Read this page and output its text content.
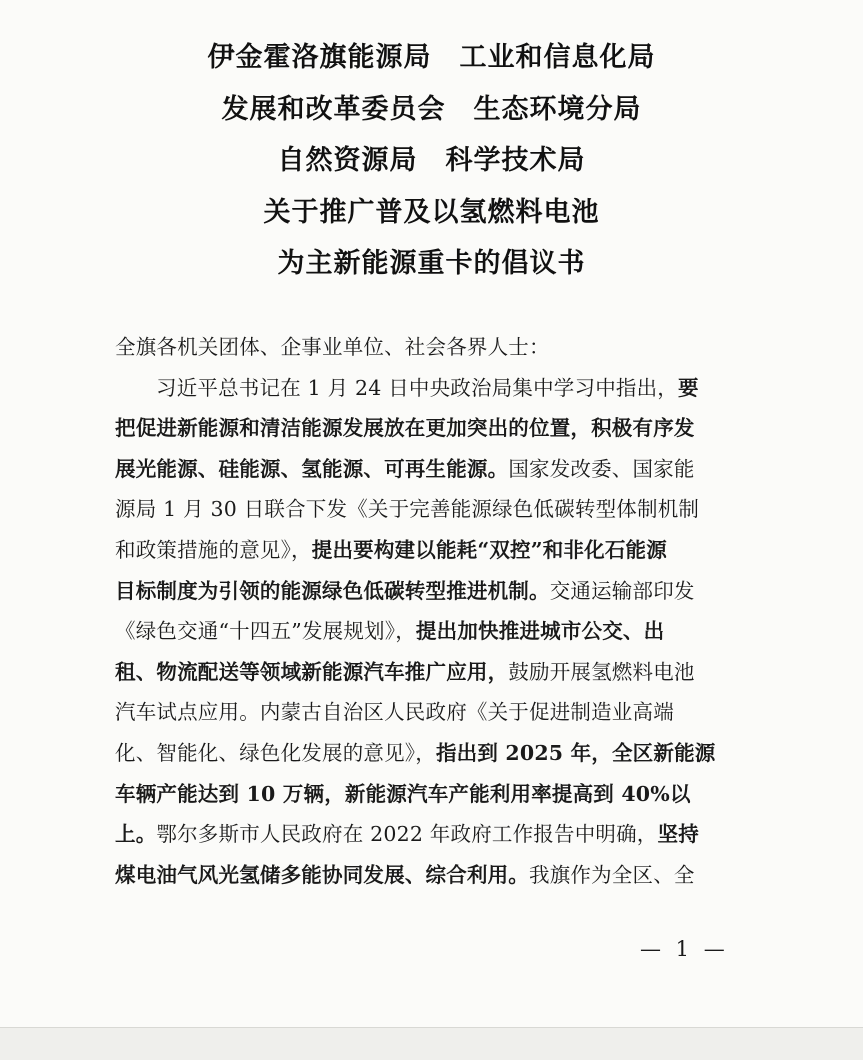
伊金霍洛旗能源局　工业和信息化局
发展和改革委员会　生态环境分局
自然资源局　科学技术局
关于推广普及以氢燃料电池
为主新能源重卡的倡议书
全旗各机关团体、企事业单位、社会各界人士：
习近平总书记在 1 月 24 日中央政治局集中学习中指出，要
把促进新能源和清洁能源发展放在更加突出的位置，积极有序发
展光能源、硅能源、氢能源、可再生能源。国家发改委、国家能
源局 1 月 30 日联合下发《关于完善能源绿色低碳转型体制机制
和政策措施的意见》，提出要构建以能耗“双控”和非化石能源
目标制度为引领的能源绿色低碳转型推进机制。交通运输部印发
《绿色交通“十四五”发展规划》，提出加快推进城市公交、出
租、物流配送等领域新能源汽车推广应用，鼓励开展氢燃料电池
汽车试点应用。内蒙古自治区人民政府《关于促进制造业高端
化、智能化、绿色化发展的意见》，指出到 2025 年，全区新能源
车辆产能达到 10 万辆，新能源汽车产能利用率提高到 40%以
上。鄂尔多斯市人民政府在 2022 年政府工作报告中明确，坚持
煤电油气风光氢储多能协同发展、综合利用。我旗作为全区、全
— 1 —
